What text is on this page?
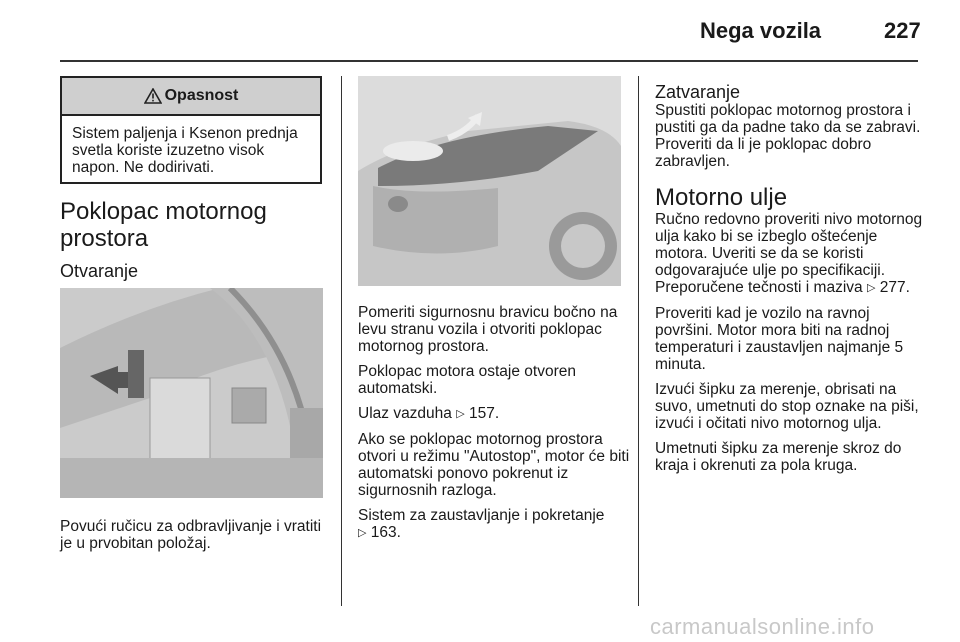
Nega vozila	227
Opasnost
Sistem paljenja i Ksenon prednja svetla koriste izuzetno visok napon. Ne dodirivati.
Poklopac motornog prostora
Otvaranje
Povući ručicu za odbravljivanje i vratiti je u prvobitan položaj.

Pomeriti sigurnosnu bravicu bočno na levu stranu vozila i otvoriti poklopac motornog prostora.

Poklopac motora ostaje otvoren automatski.

Ulaz vazduha ▷ 157.

Ako se poklopac motornog prostora otvori u režimu "Autostop", motor će biti automatski ponovo pokrenut iz sigurnosnih razloga.

Sistem za zaustavljanje i pokretanje
▷ 163.

Zatvaranje

Spustiti poklopac motornog prostora i pustiti ga da padne tako da se zabravi. Proveriti da li je poklopac dobro zabravljen.

Motorno ulje

Ručno redovno proveriti nivo motornog ulja kako bi se izbeglo oštećenje motora. Uveriti se da se koristi odgovarajuće ulje po specifikaciji. Preporučene tečnosti i maziva ▷ 277.

Proveriti kad je vozilo na ravnoj površini. Motor mora biti na radnoj temperaturi i zaustavljen najmanje 5 minuta.

Izvući šipku za merenje, obrisati na suvo, umetnuti do stop oznake na piši, izvući i očitati nivo motornog ulja.

Umetnuti šipku za merenje skroz do kraja i okrenuti za pola kruga.

carmanualsonline.info
